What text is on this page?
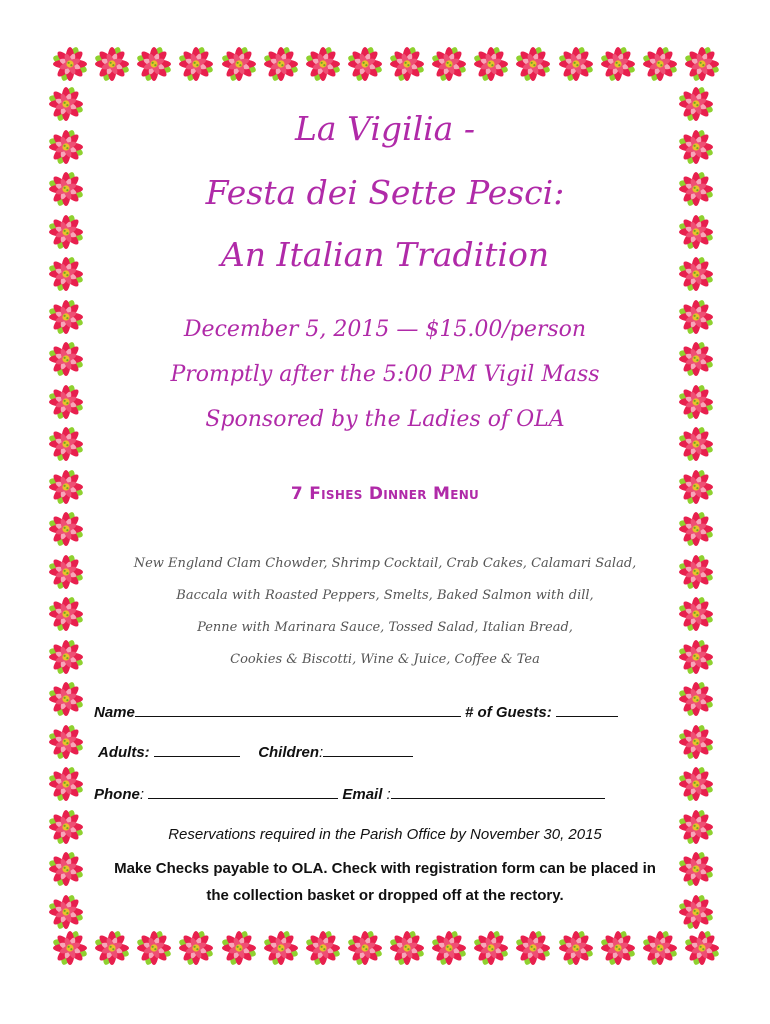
La Vigilia -
Festa dei Sette Pesci:
An Italian Tradition
December 5, 2015 — $15.00/person
Promptly after the 5:00 PM Vigil Mass
Sponsored by the Ladies of OLA
7 Fishes Dinner Menu
New England Clam Chowder, Shrimp Cocktail, Crab Cakes, Calamari Salad,
Baccala with Roasted Peppers, Smelts, Baked Salmon with dill,
Penne with Marinara Sauce, Tossed Salad, Italian Bread,
Cookies & Biscotti, Wine & Juice, Coffee & Tea
Name	# of Guests:
Adults:	Children:
Phone:	Email :
Reservations required in the Parish Office by November 30, 2015
Make Checks payable to OLA. Check with registration form can be placed in
the collection basket or dropped off at the rectory.
